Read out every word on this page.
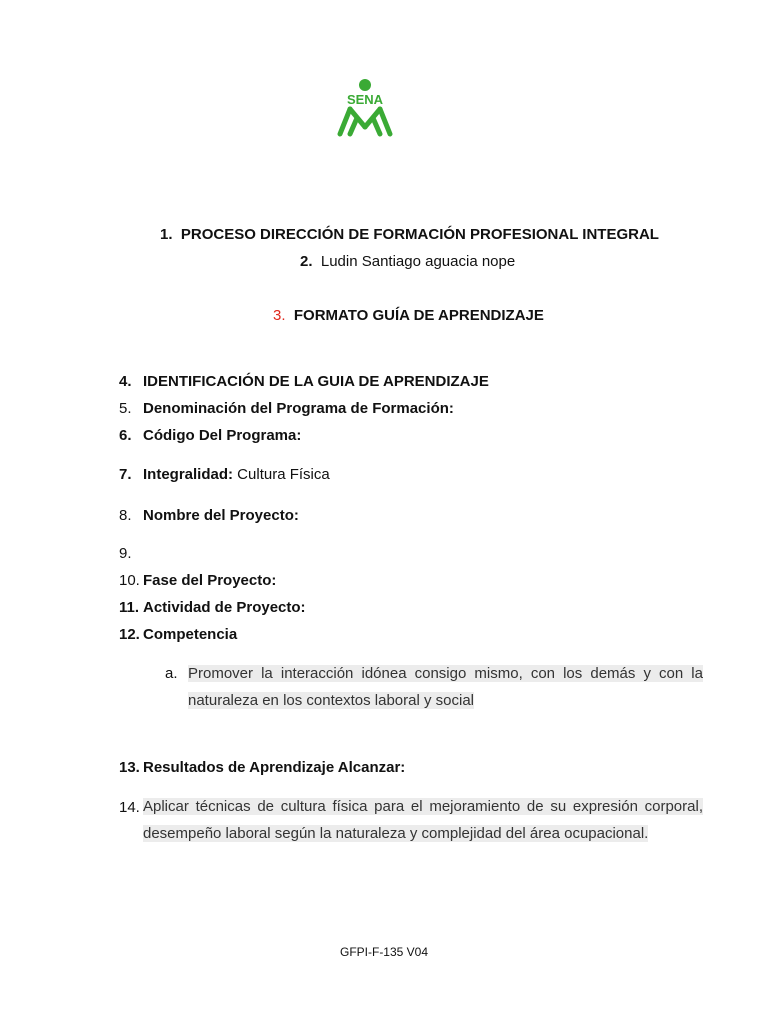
SENA
1. PROCESO DIRECCIÓN DE FORMACIÓN PROFESIONAL INTEGRAL
2. Ludin Santiago aguacia nope
3. FORMATO GUÍA DE APRENDIZAJE
4. IDENTIFICACIÓN DE LA GUIA DE APRENDIZAJE
5. Denominación del Programa de Formación:
6. Código Del Programa:
7. Integralidad: Cultura Física
8. Nombre del Proyecto:
9.
10. Fase del Proyecto:
11. Actividad de Proyecto:
12. Competencia
a. Promover la interacción idónea consigo mismo, con los demás y con la naturaleza en los contextos laboral y social
13. Resultados de Aprendizaje Alcanzar:
14. Aplicar técnicas de cultura física para el mejoramiento de su expresión corporal, desempeño laboral según la naturaleza y complejidad del área ocupacional.
GFPI-F-135 V04
